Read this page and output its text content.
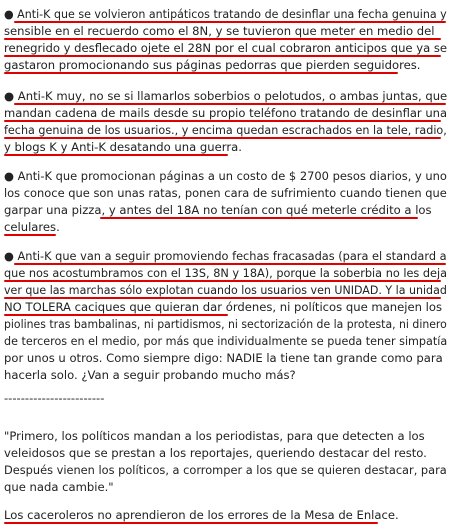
● Anti-K que se volvieron antipáticos tratando de desinflar una fecha genuina y
sensible en el recuerdo como el 8N, y se tuvieron que meter en medio del
renegrido y desflecado ojete el 28N por el cual cobraron anticipos que ya se
gastaron promocionando sus páginas pedorras que pierden seguidores.
● Anti-K muy, no se si llamarlos soberbios o pelotudos, o ambas juntas, que
mandan cadena de mails desde su propio teléfono tratando de desinflar una
fecha genuina de los usuarios., y encima quedan escrachados en la tele, radio,
y blogs K y Anti-K desatando una guerra.
● Anti-K que promocionan páginas a un costo de $ 2700 pesos diarios, y uno
los conoce que son unas ratas, ponen cara de sufrimiento cuando tienen que
garpar una pizza, y antes del 18A no tenían con qué meterle crédito a los
celulares.
● Anti-K que van a seguir promoviendo fechas fracasadas (para el standard a
que nos acostumbramos con el 13S, 8N y 18A), porque la soberbia no les deja
ver que las marchas sólo explotan cuando los usuarios ven UNIDAD. Y la unidad
NO TOLERA caciques que quieran dar órdenes, ni políticos que manejen los
piolines tras bambalinas, ni partidismos, ni sectorización de la protesta, ni dinero
de terceros en el medio, por más que individualmente se pueda tener simpatía
por unos u otros. Como siempre digo: NADIE la tiene tan grande como para
hacerla solo. ¿Van a seguir probando mucho más?
------------------------
"Primero, los políticos mandan a los periodistas, para que detecten a los
veleidosos que se prestan a los reportajes, queriendo destacar del resto.
Después vienen los políticos, a corromper a los que se quieren destacar, para
que nada cambie."
Los caceroleros no aprendieron de los errores de la Mesa de Enlace.
